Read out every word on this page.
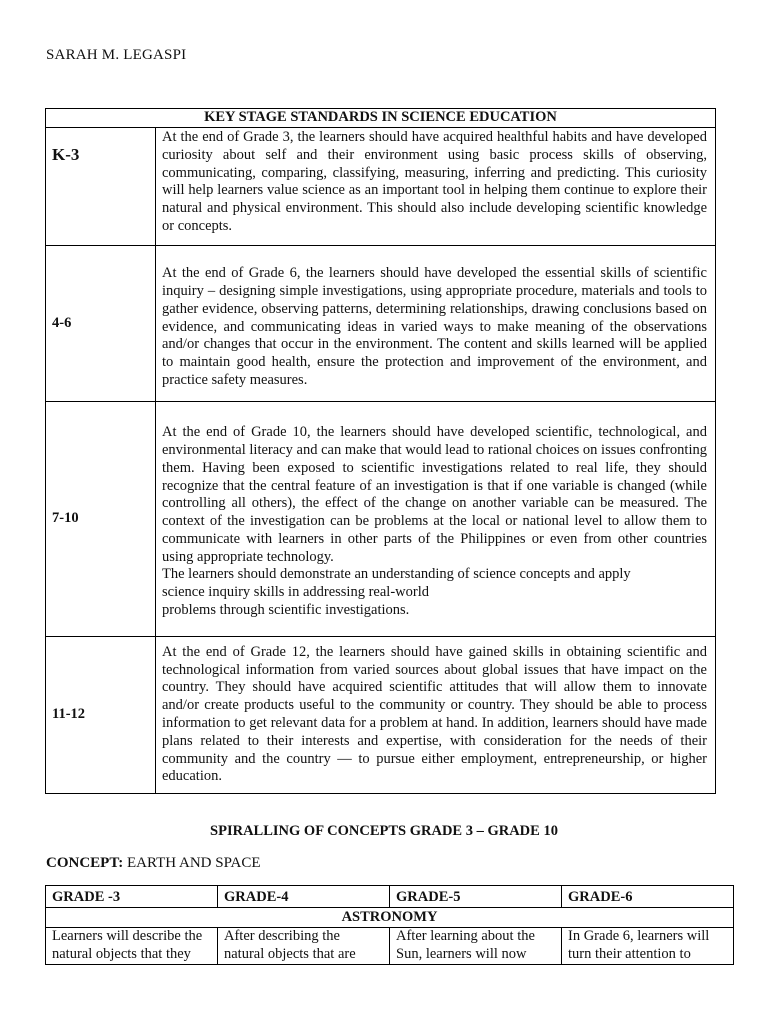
SARAH M. LEGASPI
KEY STAGE STANDARDS IN SCIENCE EDUCATION	
K-3	At the end of Grade 3, the learners should have acquired healthful habits and have developed curiosity about self and their environment using basic process skills of observing, communicating, comparing, classifying, measuring, inferring and predicting. This curiosity will help learners value science as an important tool in helping them continue to explore their natural and physical environment. This should also include developing scientific knowledge or concepts.

4-6	At the end of Grade 6, the learners should have developed the essential skills of scientific inquiry – designing simple investigations, using appropriate procedure, materials and tools to gather evidence, observing patterns, determining relationships, drawing conclusions based on evidence, and communicating ideas in varied ways to make meaning of the observations and/or changes that occur in the environment. The content and skills learned will be applied to maintain good health, ensure the protection and improvement of the environment, and practice safety measures.

7-10	At the end of Grade 10, the learners should have developed scientific, technological, and environmental literacy and can make that would lead to rational choices on issues confronting them. Having been exposed to scientific investigations related to real life, they should recognize that the central feature of an investigation is that if one variable is changed (while controlling all others), the effect of the change on another variable can be measured. The context of the investigation can be problems at the local or national level to allow them to communicate with learners in other parts of the Philippines or even from other countries using appropriate technology.

The learners should demonstrate an understanding of science concepts and apply

science inquiry skills in addressing real-world

problems through scientific investigations.

11-12	At the end of Grade 12, the learners should have gained skills in obtaining scientific and technological information from varied sources about global issues that have impact on the country. They should have acquired scientific attitudes that will allow them to innovate and/or create products useful to the community or country. They should be able to process information to get relevant data for a problem at hand. In addition, learners should have made plans related to their interests and expertise, with consideration for the needs of their community and the country — to pursue either employment, entrepreneurship, or higher education.

SPIRALLING OF CONCEPTS GRADE 3 – GRADE 10
CONCEPT: EARTH AND SPACE
GRADE -3	GRADE-4	GRADE-5	GRADE-6
ASTRONOMY			
Learners will describe the natural objects that they	After describing the natural objects that are	After learning about the Sun, learners will now	In Grade 6, learners will turn their attention to
